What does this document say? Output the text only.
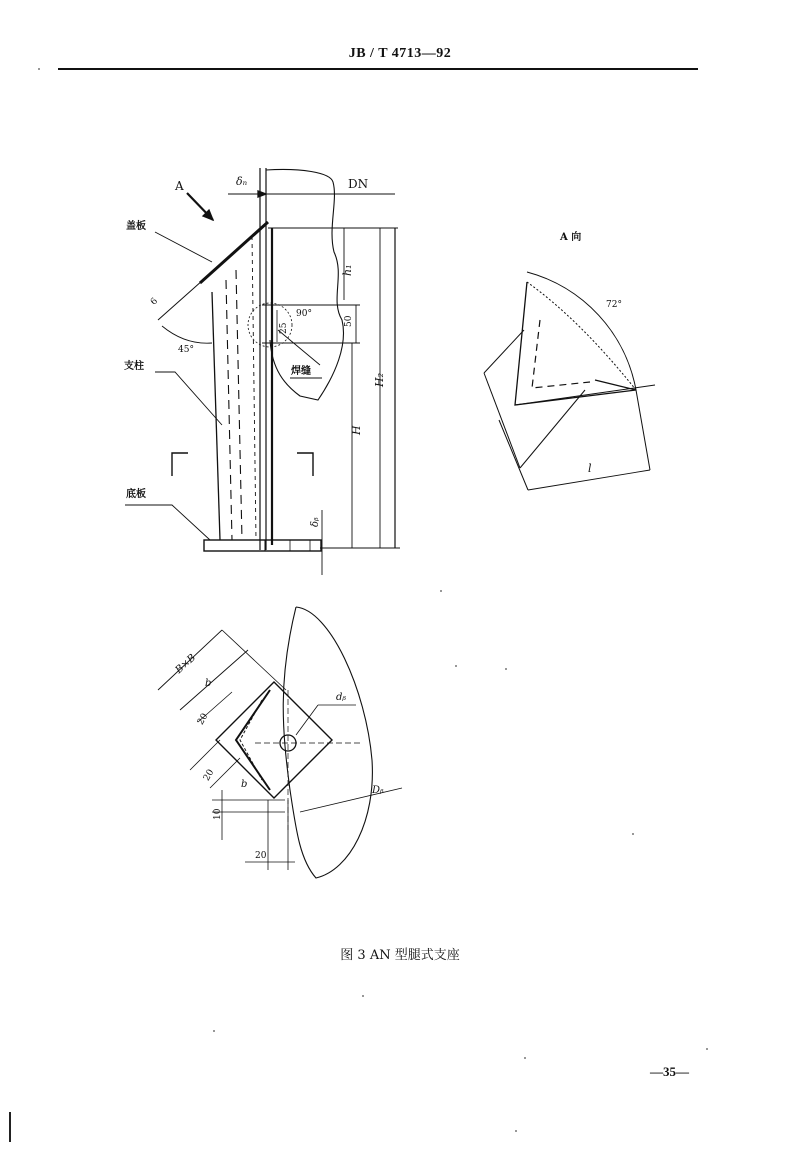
JB / T 4713—92
A	δₙ	DN
盖板
6
45°
90°
25
50
h₁
焊缝
支柱
H
H₂
底板
δᵦ
A 向
72°
l
B×B
b
20
20
b
dᵦ
Dᵦ
10
20
图 3 AN 型腿式支座
—35—
